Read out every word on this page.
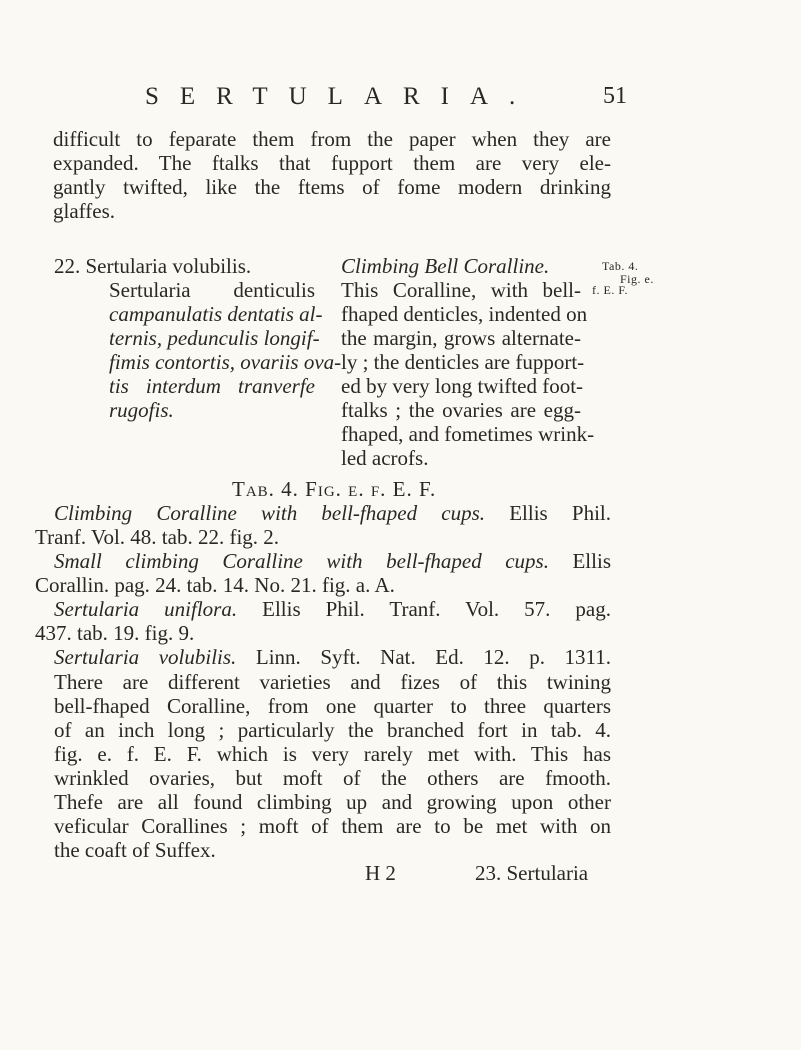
SERTULARIA.	51
difficult to feparate them from the paper when they are
expanded. The ftalks that fupport them are very ele-
gantly twifted, like the ftems of fome modern drinking
glaffes.
22. Sertularia volubilis.	Climbing Bell Coralline.	Tab. 4.
Fig. e.
f. E. F.
Sertularia denticulis
campanulatis dentatis al-
ternis, pedunculis longif-
fimis contortis, ovariis ova-
tis interdum tranverfe
rugofis.
This Coralline, with bell-
fhaped denticles, indented on
the margin, grows alternate-
ly ; the denticles are fupport-
ed by very long twifted foot-
ftalks ; the ovaries are egg-
fhaped, and fometimes wrink-
led acrofs.
Tab. 4. Fig. e. f. E. F.
Climbing Coralline with bell-fhaped cups. Ellis Phil.
Tranf. Vol. 48. tab. 22. fig. 2.
Small climbing Coralline with bell-fhaped cups. Ellis
Corallin. pag. 24. tab. 14. No. 21. fig. a. A.
Sertularia uniflora. Ellis Phil. Tranf. Vol. 57. pag.
437. tab. 19. fig. 9.
Sertularia volubilis. Linn. Syft. Nat. Ed. 12. p. 1311.
There are different varieties and fizes of this twining
bell-fhaped Coralline, from one quarter to three quarters
of an inch long ; particularly the branched fort in tab. 4.
fig. e. f. E. F. which is very rarely met with. This has
wrinkled ovaries, but moft of the others are fmooth.
Thefe are all found climbing up and growing upon other
veficular Corallines ; moft of them are to be met with on
the coaft of Suffex.
H 2	23. Sertularia
